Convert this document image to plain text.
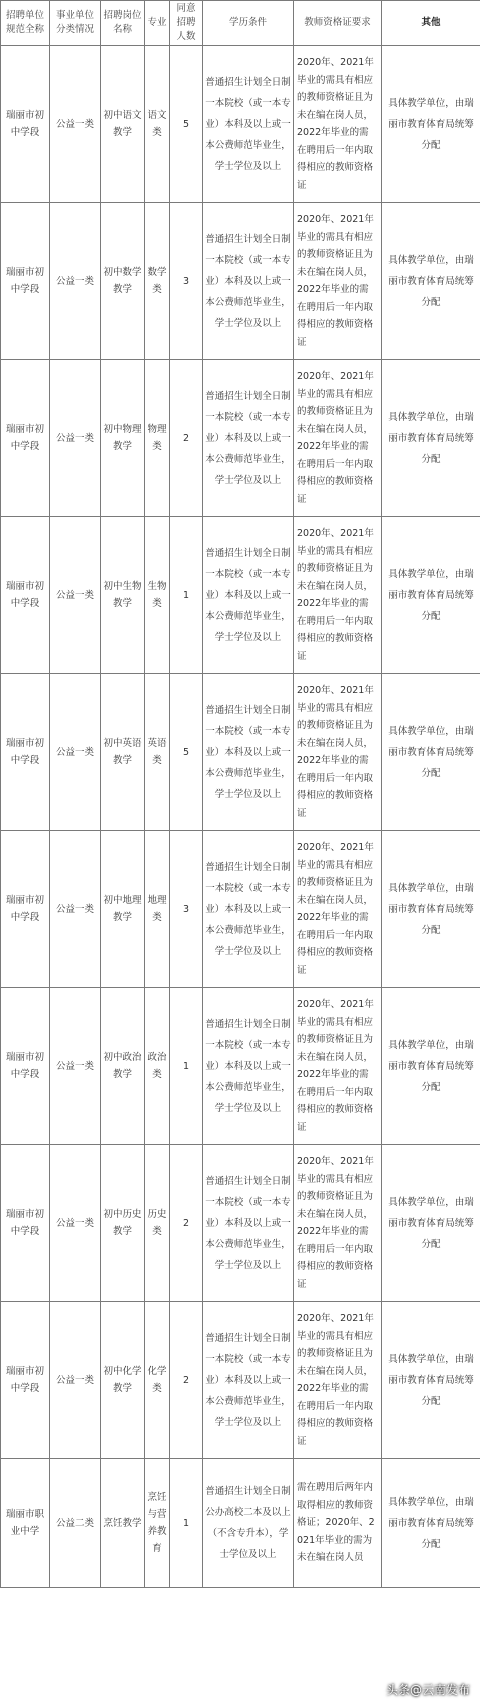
招聘单位规范全称	事业单位分类情况	招聘岗位名称	专业	同意招聘人数	学历条件	教师资格证要求	其他
瑞丽市初中学段	公益一类	初中语文教学	语文类	5	普通招生计划全日制一本院校（或一本专业）本科及以上或一本公费师范毕业生，学士学位及以上	2020年、2021年毕业的需具有相应的教师资格证且为未在编在岗人员，2022年毕业的需在聘用后一年内取得相应的教师资格证	具体教学单位，由瑞丽市教育体育局统筹分配
瑞丽市初中学段	公益一类	初中数学教学	数学类	3	普通招生计划全日制一本院校（或一本专业）本科及以上或一本公费师范毕业生，学士学位及以上	2020年、2021年毕业的需具有相应的教师资格证且为未在编在岗人员，2022年毕业的需在聘用后一年内取得相应的教师资格证	具体教学单位，由瑞丽市教育体育局统筹分配
瑞丽市初中学段	公益一类	初中物理教学	物理类	2	普通招生计划全日制一本院校（或一本专业）本科及以上或一本公费师范毕业生，学士学位及以上	2020年、2021年毕业的需具有相应的教师资格证且为未在编在岗人员，2022年毕业的需在聘用后一年内取得相应的教师资格证	具体教学单位，由瑞丽市教育体育局统筹分配
瑞丽市初中学段	公益一类	初中生物教学	生物类	1	普通招生计划全日制一本院校（或一本专业）本科及以上或一本公费师范毕业生，学士学位及以上	2020年、2021年毕业的需具有相应的教师资格证且为未在编在岗人员，2022年毕业的需在聘用后一年内取得相应的教师资格证	具体教学单位，由瑞丽市教育体育局统筹分配
瑞丽市初中学段	公益一类	初中英语教学	英语类	5	普通招生计划全日制一本院校（或一本专业）本科及以上或一本公费师范毕业生，学士学位及以上	2020年、2021年毕业的需具有相应的教师资格证且为未在编在岗人员，2022年毕业的需在聘用后一年内取得相应的教师资格证	具体教学单位，由瑞丽市教育体育局统筹分配
瑞丽市初中学段	公益一类	初中地理教学	地理类	3	普通招生计划全日制一本院校（或一本专业）本科及以上或一本公费师范毕业生，学士学位及以上	2020年、2021年毕业的需具有相应的教师资格证且为未在编在岗人员，2022年毕业的需在聘用后一年内取得相应的教师资格证	具体教学单位，由瑞丽市教育体育局统筹分配
瑞丽市初中学段	公益一类	初中政治教学	政治类	1	普通招生计划全日制一本院校（或一本专业）本科及以上或一本公费师范毕业生，学士学位及以上	2020年、2021年毕业的需具有相应的教师资格证且为未在编在岗人员，2022年毕业的需在聘用后一年内取得相应的教师资格证	具体教学单位，由瑞丽市教育体育局统筹分配
瑞丽市初中学段	公益一类	初中历史教学	历史类	2	普通招生计划全日制一本院校（或一本专业）本科及以上或一本公费师范毕业生，学士学位及以上	2020年、2021年毕业的需具有相应的教师资格证且为未在编在岗人员，2022年毕业的需在聘用后一年内取得相应的教师资格证	具体教学单位，由瑞丽市教育体育局统筹分配
瑞丽市初中学段	公益一类	初中化学教学	化学类	2	普通招生计划全日制一本院校（或一本专业）本科及以上或一本公费师范毕业生，学士学位及以上	2020年、2021年毕业的需具有相应的教师资格证且为未在编在岗人员，2022年毕业的需在聘用后一年内取得相应的教师资格证	具体教学单位，由瑞丽市教育体育局统筹分配
瑞丽市职业中学	公益二类	烹饪教学	烹饪与营养教育	1	普通招生计划全日制公办高校二本及以上（不含专升本），学士学位及以上	需在聘用后两年内取得相应的教师资格证；2020年、2021年毕业的需为未在编在岗人员	具体教学单位，由瑞丽市教育体育局统筹分配
头条@云南发布
